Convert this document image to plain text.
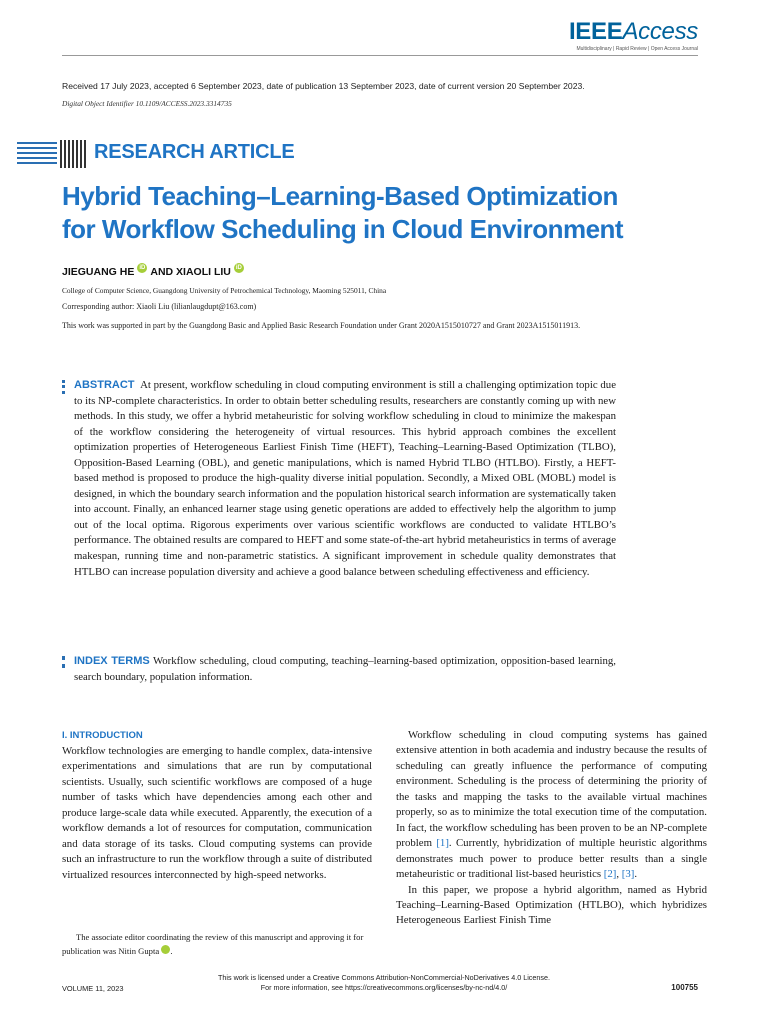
IEEEAccess
Multidisciplinary | Rapid Review | Open Access Journal
Received 17 July 2023, accepted 6 September 2023, date of publication 13 September 2023, date of current version 20 September 2023.
Digital Object Identifier 10.1109/ACCESS.2023.3314735
RESEARCH ARTICLE
Hybrid Teaching–Learning-Based Optimization
for Workflow Scheduling in Cloud Environment
JIEGUANG HE iD AND XIAOLI LIU iD
College of Computer Science, Guangdong University of Petrochemical Technology, Maoming 525011, China
Corresponding author: Xiaoli Liu (lilianlaugdupt@163.com)
This work was supported in part by the Guangdong Basic and Applied Basic Research Foundation under Grant 2020A1515010727 and Grant 2023A1515011913.
ABSTRACT At present, workflow scheduling in cloud computing environment is still a challenging optimization topic due to its NP-complete characteristics. In order to obtain better scheduling results, researchers are constantly coming up with new methods. In this study, we offer a hybrid metaheuristic for solving workflow scheduling in cloud to minimize the makespan of the workflow considering the heterogeneity of virtual resources. This hybrid approach combines the excellent optimization properties of Heterogeneous Earliest Finish Time (HEFT), Teaching–Learning-Based Optimization (TLBO), Opposition-Based Learning (OBL), and genetic manipulations, which is named Hybrid TLBO (HTLBO). Firstly, a HEFT-based method is proposed to produce the high-quality diverse initial population. Secondly, a Mixed OBL (MOBL) model is designed, in which the boundary search information and the population historical search information are systematically taken into account. Finally, an enhanced learner stage using genetic operations are added to effectively help the algorithm to jump out of the local optima. Rigorous experiments over various scientific workflows are conducted to validate HTLBO’s performance. The obtained results are compared to HEFT and some state-of-the-art hybrid metaheuristics in terms of average makespan, running time and non-parametric statistics. A significant improvement in schedule quality demonstrates that HTLBO can increase population diversity and achieve a good balance between scheduling effectiveness and efficiency.
INDEX TERMS Workflow scheduling, cloud computing, teaching–learning-based optimization, opposition-based learning, search boundary, population information.
I. INTRODUCTION

Workflow technologies are emerging to handle complex, data-intensive experimentations and simulations that are run by computational scientists. Usually, such scientific workflows are composed of a huge number of tasks which have dependencies among each other and produce large-scale data while executed. Apparently, the execution of a workflow demands a lot of resources for computation, communication and data storage of its tasks. Cloud computing systems can provide such an infrastructure to run the workflow through a suite of distributed virtualized resources interconnected by high-speed networks.

Workflow scheduling in cloud computing systems has gained extensive attention in both academia and industry because the results of scheduling can greatly influence the performance of computing environment. Scheduling is the process of determining the priority of the tasks and mapping the tasks to the available virtual machines properly, so as to minimize the total execution time of the computation. In fact, the workflow scheduling has been proven to be an NP-complete problem [1]. Currently, hybridization of multiple heuristic algorithms demonstrates much power to produce better results than a single metaheuristic or traditional list-based heuristics [2], [3].

In this paper, we propose a hybrid algorithm, named as Hybrid Teaching–Learning-Based Optimization (HTLBO), which hybridizes Heterogeneous Earliest Finish Time

The associate editor coordinating the review of this manuscript and approving it for publication was Nitin Gupta	iD.
This work is licensed under a Creative Commons Attribution-NonCommercial-NoDerivatives 4.0 License.
For more information, see https://creativecommons.org/licenses/by-nc-nd/4.0/
VOLUME 11, 2023	100755
